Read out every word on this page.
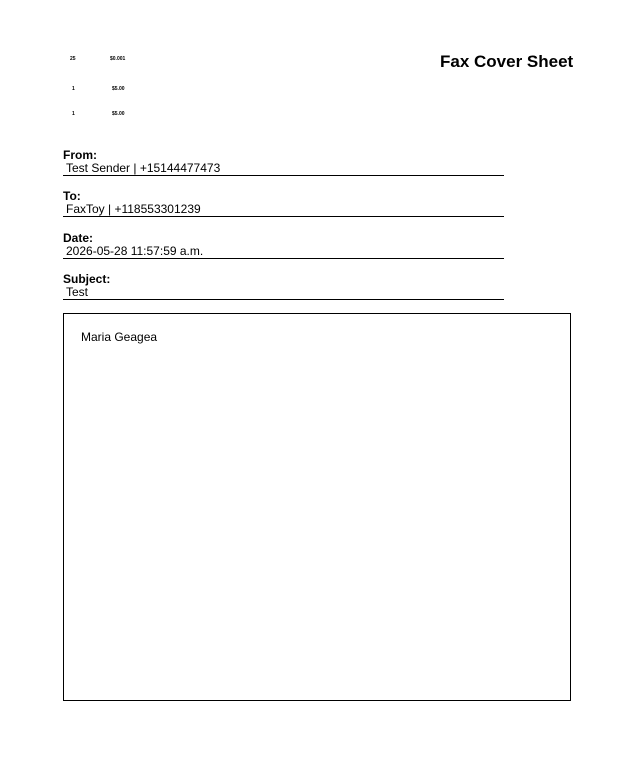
25	$0.001
1	$5.00
1	$5.00
Fax Cover Sheet
From:
Test Sender | +15144477473
To:
FaxToy | +118553301239
Date:
2026-05-28 11:57:59 a.m.
Subject:
Test
Maria Geagea
